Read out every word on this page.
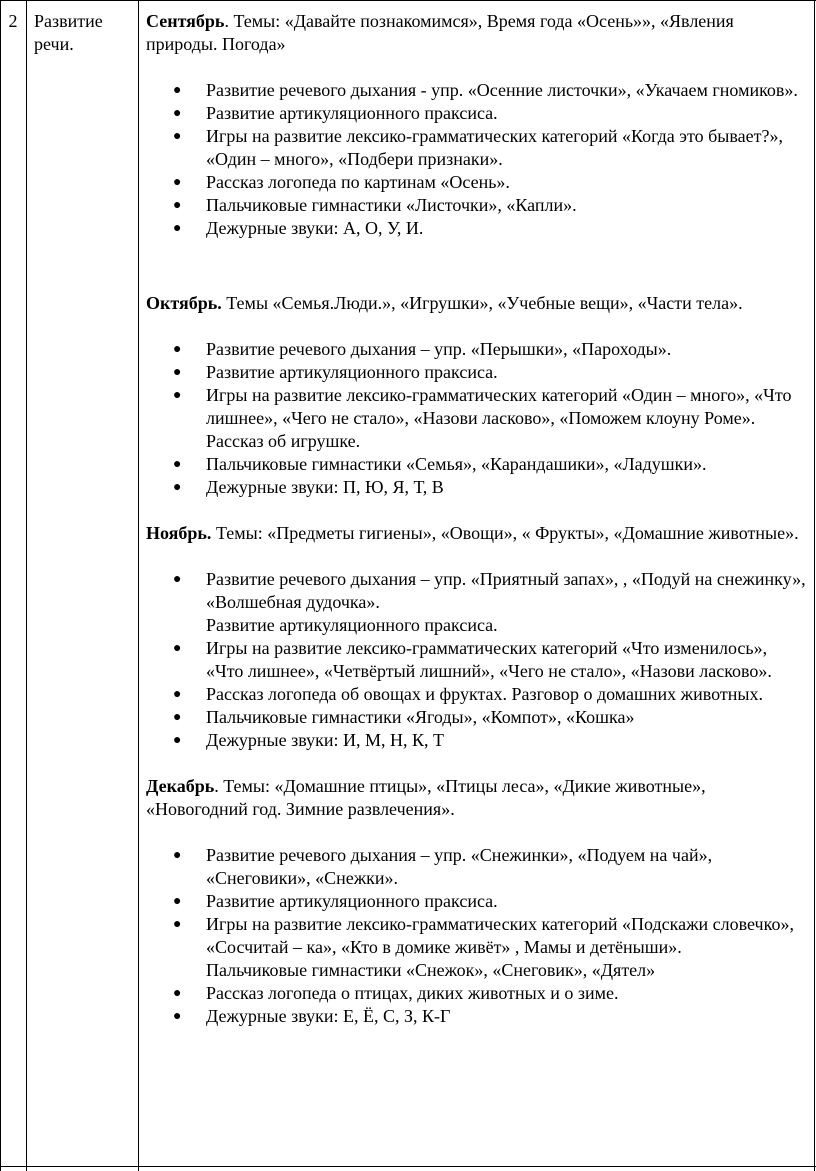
2 Развитие речи.

Сентябрь. Темы: «Давайте познакомимся», Время года «Осень»», «Явления природы. Погода»

● Развитие речевого дыхания - упр. «Осенние листочки», «Укачаем гномиков».
● Развитие артикуляционного праксиса.
● Игры на развитие лексико-грамматических категорий «Когда это бывает?», «Один – много», «Подбери признаки».
● Рассказ логопеда по картинам «Осень».
● Пальчиковые гимнастики «Листочки», «Капли».
● Дежурные звуки: А, О, У, И.

Октябрь. Темы «Семья.Люди.», «Игрушки», «Учебные вещи», «Части тела».

● Развитие речевого дыхания – упр. «Перышки», «Пароходы».
● Развитие артикуляционного праксиса.
● Игры на развитие лексико-грамматических категорий «Один – много», «Что лишнее», «Чего не стало», «Назови ласково», «Поможем клоуну Роме». Рассказ об игрушке.
● Пальчиковые гимнастики «Семья», «Карандашики», «Ладушки».
● Дежурные звуки: П, Ю, Я, Т, В

Ноябрь. Темы: «Предметы гигиены», «Овощи», « Фрукты», «Домашние животные».

● Развитие речевого дыхания – упр. «Приятный запах», , «Подуй на снежинку», «Волшебная дудочка».
Развитие артикуляционного праксиса.
● Игры на развитие лексико-грамматических категорий «Что изменилось», «Что лишнее», «Четвёртый лишний», «Чего не стало», «Назови ласково».
● Рассказ логопеда об овощах и фруктах. Разговор о домашних животных.
● Пальчиковые гимнастики «Ягоды», «Компот», «Кошка»
● Дежурные звуки: И, М, Н, К, Т

Декабрь. Темы: «Домашние птицы», «Птицы леса», «Дикие животные», «Новогодний год. Зимние развлечения».

● Развитие речевого дыхания – упр. «Снежинки», «Подуем на чай», «Снеговики», «Снежки».
● Развитие артикуляционного праксиса.
● Игры на развитие лексико-грамматических категорий «Подскажи словечко», «Сосчитай – ка», «Кто в домике живёт» , Мамы и детёныши».
Пальчиковые гимнастики «Снежок», «Снеговик», «Дятел»
● Рассказ логопеда о птицах, диких животных и о зиме.
● Дежурные звуки: Е, Ё, С, З, К-Г
